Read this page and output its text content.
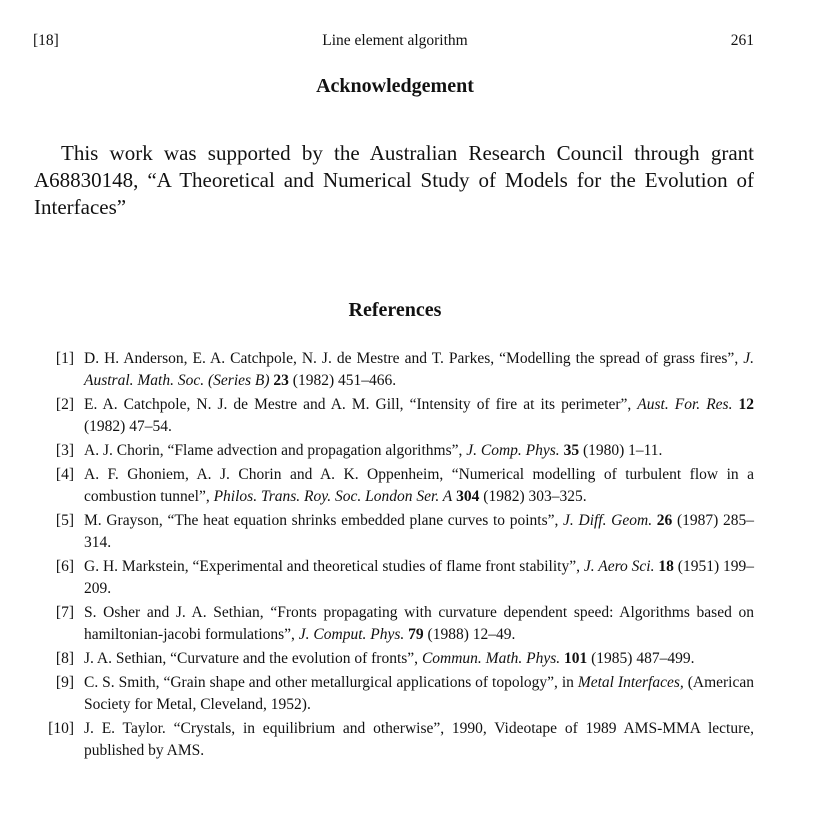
[18]	Line element algorithm	261
Acknowledgement
This work was supported by the Australian Research Council through grant A68830148, “A Theoretical and Numerical Study of Models for the Evolution of Interfaces”
References
[1] D. H. Anderson, E. A. Catchpole, N. J. de Mestre and T. Parkes, “Modelling the spread of grass fires”, J. Austral. Math. Soc. (Series B) 23 (1982) 451–466.
[2] E. A. Catchpole, N. J. de Mestre and A. M. Gill, “Intensity of fire at its perimeter”, Aust. For. Res. 12 (1982) 47–54.
[3] A. J. Chorin, “Flame advection and propagation algorithms”, J. Comp. Phys. 35 (1980) 1–11.
[4] A. F. Ghoniem, A. J. Chorin and A. K. Oppenheim, “Numerical modelling of turbulent flow in a combustion tunnel”, Philos. Trans. Roy. Soc. London Ser. A 304 (1982) 303–325.
[5] M. Grayson, “The heat equation shrinks embedded plane curves to points”, J. Diff. Geom. 26 (1987) 285–314.
[6] G. H. Markstein, “Experimental and theoretical studies of flame front stability”, J. Aero Sci. 18 (1951) 199–209.
[7] S. Osher and J. A. Sethian, “Fronts propagating with curvature dependent speed: Algorithms based on hamiltonian-jacobi formulations”, J. Comput. Phys. 79 (1988) 12–49.
[8] J. A. Sethian, “Curvature and the evolution of fronts”, Commun. Math. Phys. 101 (1985) 487–499.
[9] C. S. Smith, “Grain shape and other metallurgical applications of topology”, in Metal Interfaces, (American Society for Metal, Cleveland, 1952).
[10] J. E. Taylor. “Crystals, in equilibrium and otherwise”, 1990, Videotape of 1989 AMS-MMA lecture, published by AMS.
